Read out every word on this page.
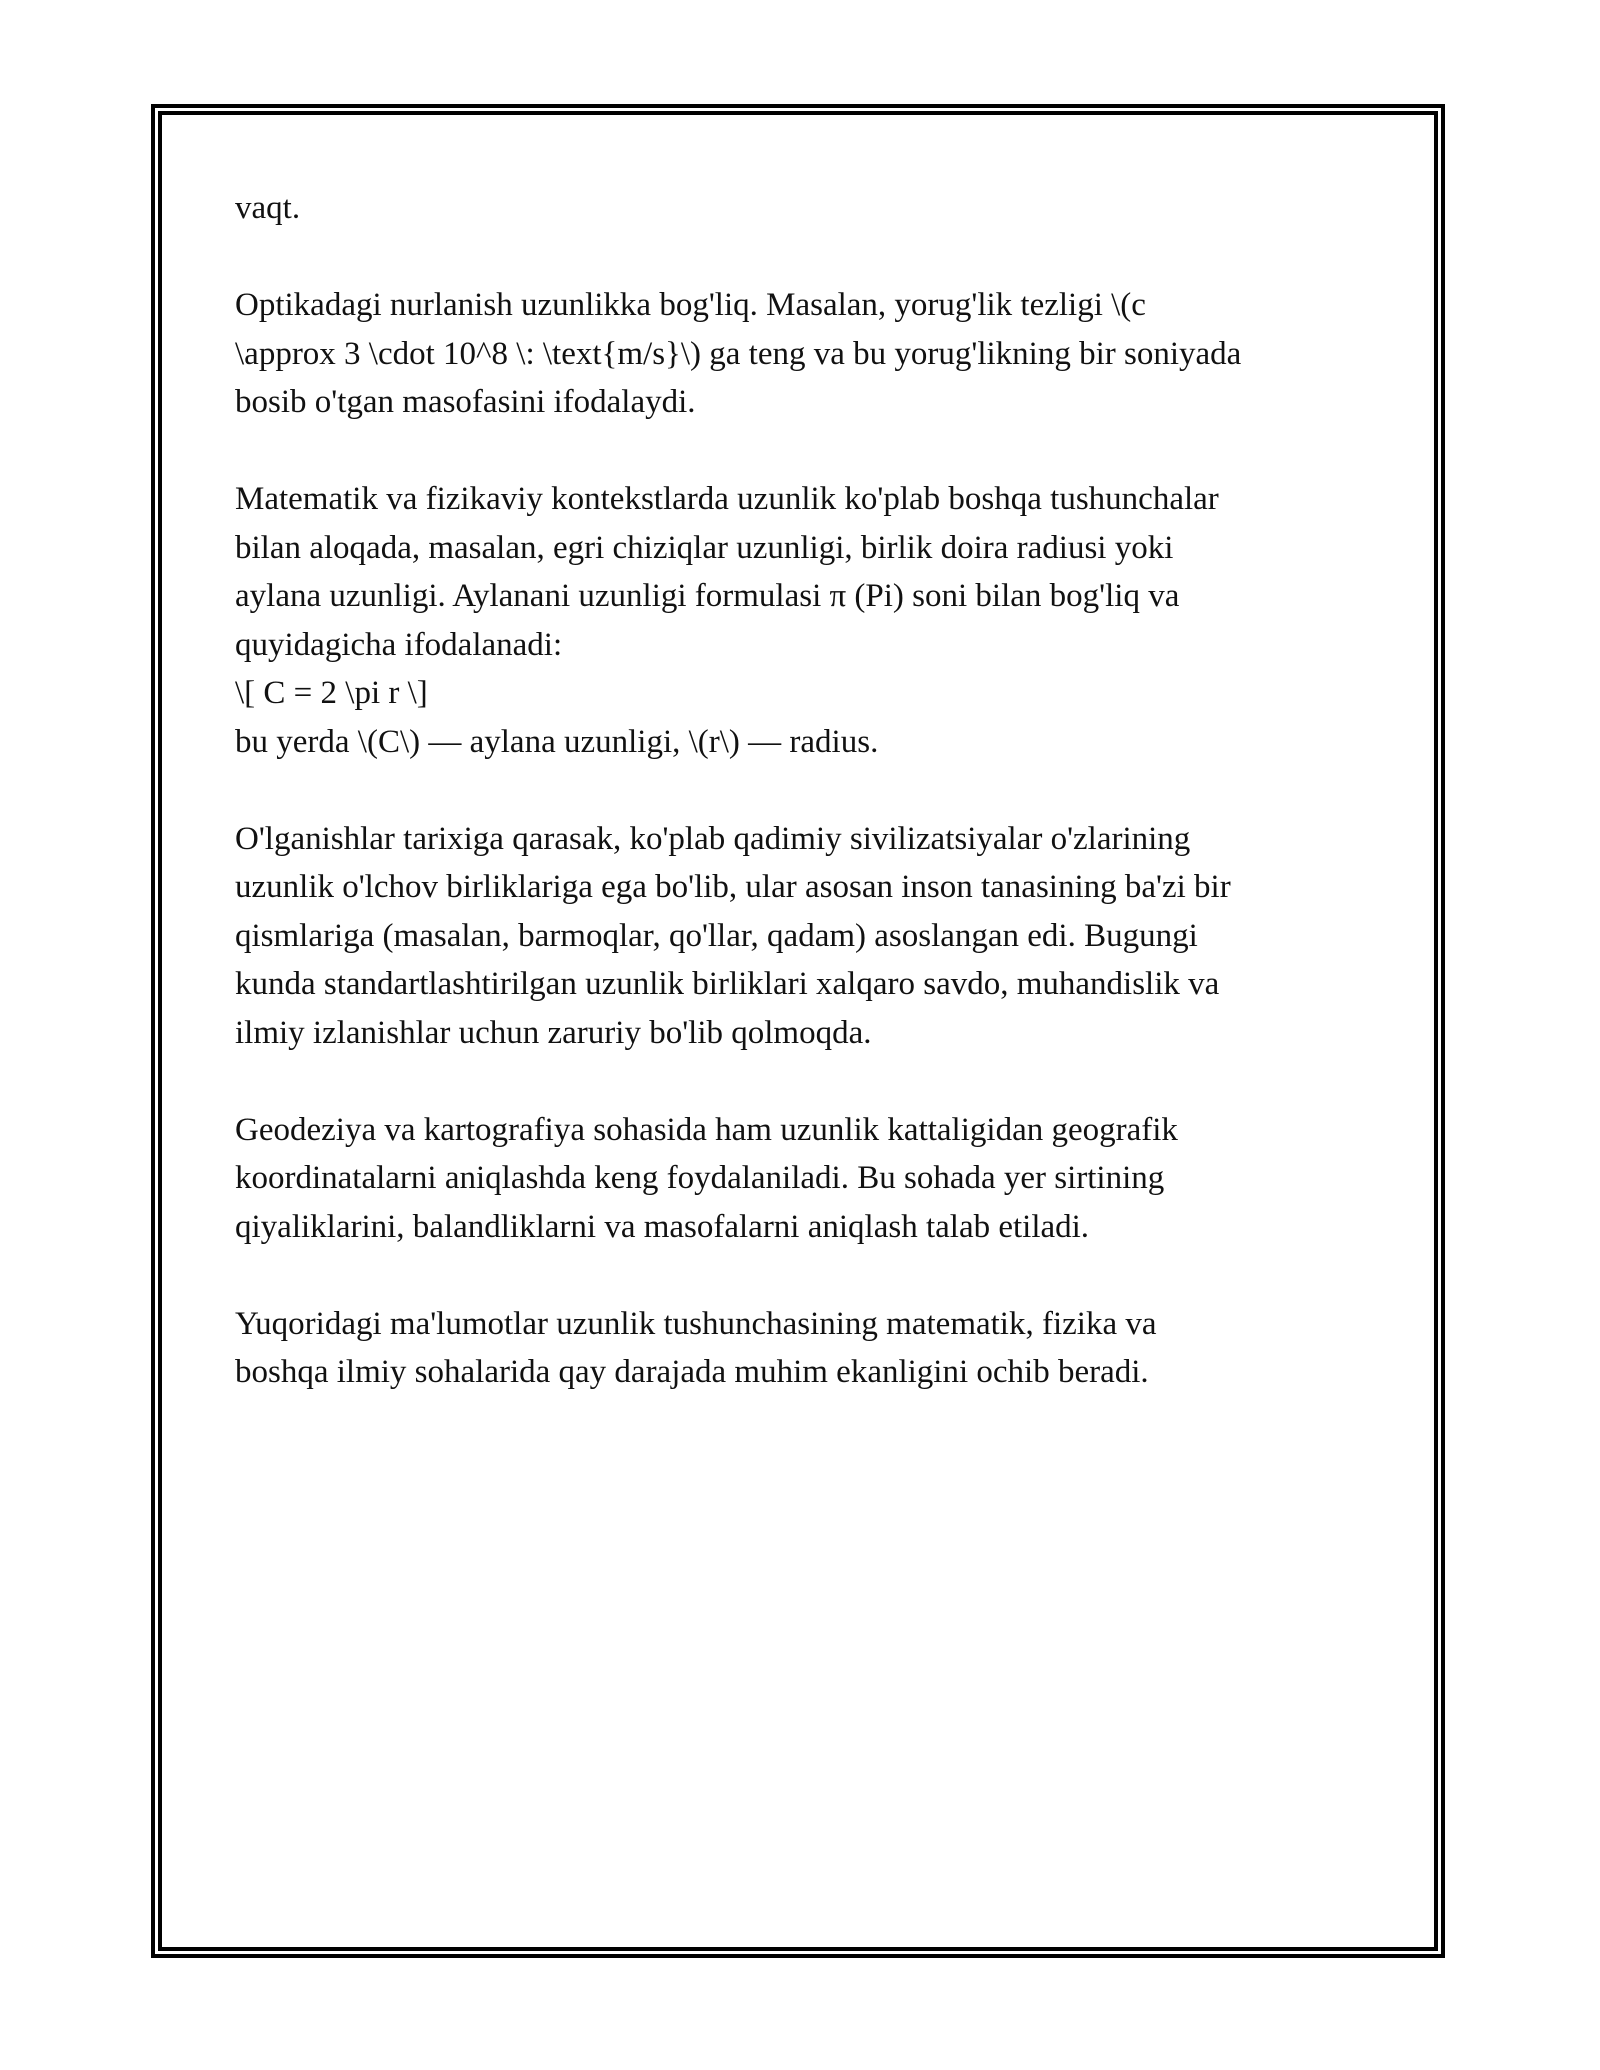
vaqt.

Optikadagi nurlanish uzunlikka bog'liq. Masalan, yorug'lik tezligi \(c
\approx 3 \cdot 10^8 \: \text{m/s}\) ga teng va bu yorug'likning bir soniyada
bosib o'tgan masofasini ifodalaydi.

Matematik va fizikaviy kontekstlarda uzunlik ko'plab boshqa tushunchalar
bilan aloqada, masalan, egri chiziqlar uzunligi, birlik doira radiusi yoki
aylana uzunligi. Aylanani uzunligi formulasi π (Pi) soni bilan bog'liq va
quyidagicha ifodalanadi:
\[ C = 2 \pi r \]
bu yerda \(C\) — aylana uzunligi, \(r\) — radius.

O'lganishlar tarixiga qarasak, ko'plab qadimiy sivilizatsiyalar o'zlarining
uzunlik o'lchov birliklariga ega bo'lib, ular asosan inson tanasining ba'zi bir
qismlariga (masalan, barmoqlar, qo'llar, qadam) asoslangan edi. Bugungi
kunda standartlashtirilgan uzunlik birliklari xalqaro savdo, muhandislik va
ilmiy izlanishlar uchun zaruriy bo'lib qolmoqda.

Geodeziya va kartografiya sohasida ham uzunlik kattaligidan geografik
koordinatalarni aniqlashda keng foydalaniladi. Bu sohada yer sirtining
qiyaliklarini, balandliklarni va masofalarni aniqlash talab etiladi.

Yuqoridagi ma'lumotlar uzunlik tushunchasining matematik, fizika va
boshqa ilmiy sohalarida qay darajada muhim ekanligini ochib beradi.
